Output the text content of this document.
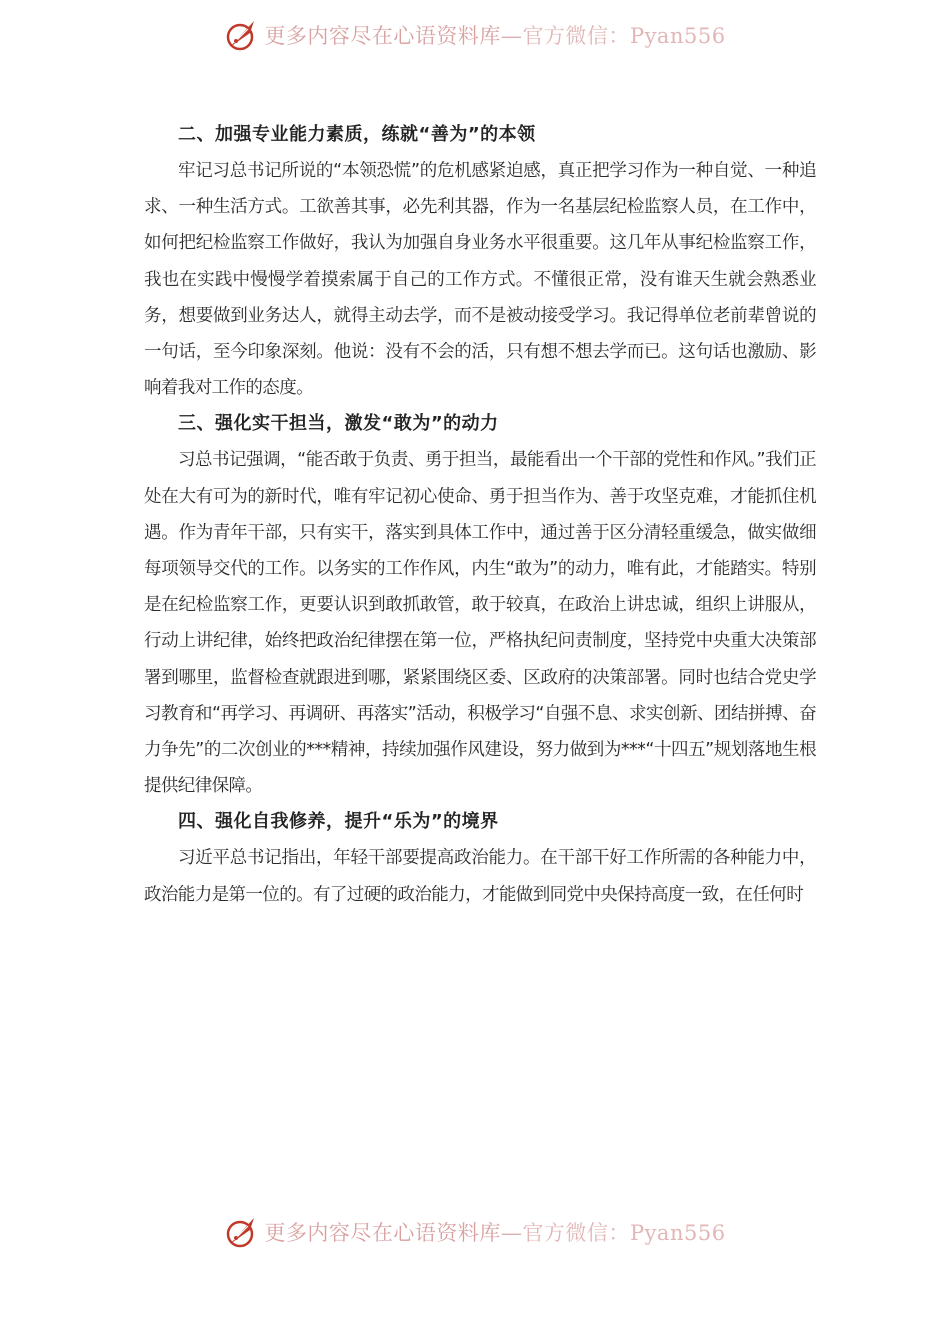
更多内容尽在心语资料库—官方微信：Pyan556
二、加强专业能力素质，练就“善为”的本领

牢记习总书记所说的“本领恐慌”的危机感紧迫感，真正把学习作为一种自觉、一种追求、一种生活方式。工欲善其事，必先利其器，作为一名基层纪检监察人员，在工作中，如何把纪检监察工作做好，我认为加强自身业务水平很重要。这几年从事纪检监察工作，我也在实践中慢慢学着摸索属于自己的工作方式。不懂很正常，没有谁天生就会熟悉业务，想要做到业务达人，就得主动去学，而不是被动接受学习。我记得单位老前辈曾说的一句话，至今印象深刻。他说：没有不会的活，只有想不想去学而已。这句话也激励、影响着我对工作的态度。

三、强化实干担当，激发“敢为”的动力

习总书记强调，“能否敢于负责、勇于担当，最能看出一个干部的党性和作风。”我们正处在大有可为的新时代，唯有牢记初心使命、勇于担当作为、善于攻坚克难，才能抓住机遇。作为青年干部，只有实干，落实到具体工作中，通过善于区分清轻重缓急，做实做细每项领导交代的工作。以务实的工作作风，内生“敢为”的动力，唯有此，才能踏实。特别是在纪检监察工作，更要认识到敢抓敢管，敢于较真，在政治上讲忠诚，组织上讲服从，行动上讲纪律，始终把政治纪律摆在第一位，严格执纪问责制度，坚持党中央重大决策部署到哪里，监督检查就跟进到哪，紧紧围绕区委、区政府的决策部署。同时也结合党史学习教育和“再学习、再调研、再落实”活动，积极学习“自强不息、求实创新、团结拼搏、奋力争先”的二次创业的***精神，持续加强作风建设，努力做到为***“十四五”规划落地生根提供纪律保障。

四、强化自我修养，提升“乐为”的境界

习近平总书记指出，年轻干部要提高政治能力。在干部干好工作所需的各种能力中，政治能力是第一位的。有了过硬的政治能力，才能做到同党中央保持高度一致，在任何时

更多内容尽在心语资料库—官方微信：Pyan556
